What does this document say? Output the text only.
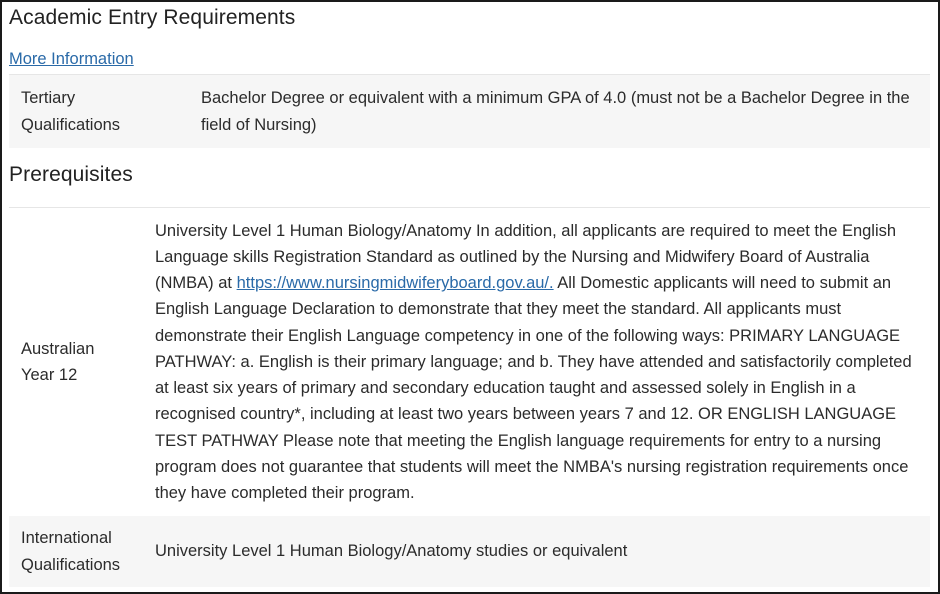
Academic Entry Requirements
More Information
Tertiary
Qualifications
Bachelor Degree or equivalent with a minimum GPA of 4.0 (must not be a Bachelor Degree in the field of Nursing)
Prerequisites
Australian
Year 12
University Level 1 Human Biology/Anatomy In addition, all applicants are required to meet the English Language skills Registration Standard as outlined by the Nursing and Midwifery Board of Australia (NMBA) at https://www.nursingmidwiferyboard.gov.au/. All Domestic applicants will need to submit an English Language Declaration to demonstrate that they meet the standard. All applicants must demonstrate their English Language competency in one of the following ways: PRIMARY LANGUAGE PATHWAY: a. English is their primary language; and b. They have attended and satisfactorily completed at least six years of primary and secondary education taught and assessed solely in English in a recognised country*, including at least two years between years 7 and 12. OR ENGLISH LANGUAGE TEST PATHWAY Please note that meeting the English language requirements for entry to a nursing program does not guarantee that students will meet the NMBA's nursing registration requirements once they have completed their program.
International
Qualifications
University Level 1 Human Biology/Anatomy studies or equivalent
